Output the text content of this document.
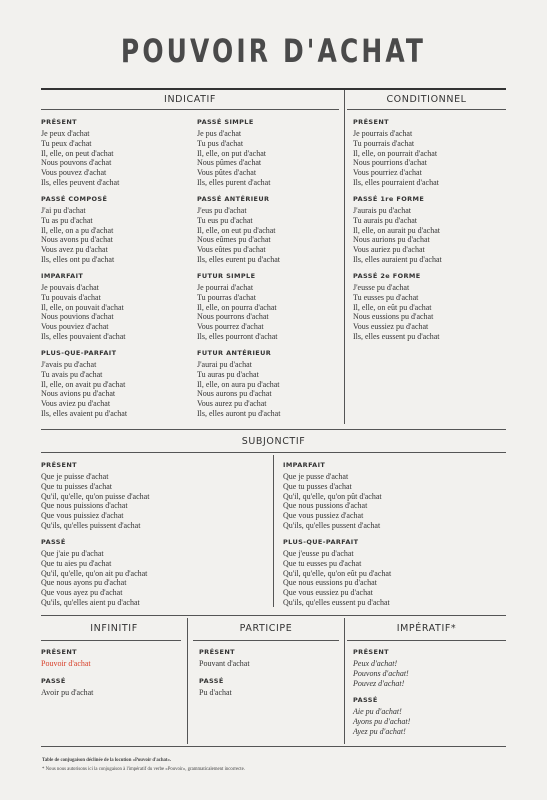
POUVOIR D'ACHAT
INDICATIF	CONDITIONNEL
PRÉSENT
Je peux d'achat
Tu peux d'achat
Il, elle, on peut d'achat
Nous pouvons d'achat
Vous pouvez d'achat
Ils, elles peuvent d'achat
PASSÉ COMPOSÉ
J'ai pu d'achat
Tu as pu d'achat
Il, elle, on a pu d'achat
Nous avons pu d'achat
Vous avez pu d'achat
Ils, elles ont pu d'achat
IMPARFAIT
Je pouvais d'achat
Tu pouvais d'achat
Il, elle, on pouvait d'achat
Nous pouvions d'achat
Vous pouviez d'achat
Ils, elles pouvaient d'achat
PLUS-QUE-PARFAIT
J'avais pu d'achat
Tu avais pu d'achat
Il, elle, on avait pu d'achat
Nous avions pu d'achat
Vous aviez pu d'achat
Ils, elles avaient pu d'achat
PASSÉ SIMPLE
Je pus d'achat
Tu pus d'achat
Il, elle, on put d'achat
Nous pûmes d'achat
Vous pûtes d'achat
Ils, elles purent d'achat
PASSÉ ANTÉRIEUR
J'eus pu d'achat
Tu eus pu d'achat
Il, elle, on eut pu d'achat
Nous eûmes pu d'achat
Vous eûtes pu d'achat
Ils, elles eurent pu d'achat
FUTUR SIMPLE
Je pourrai d'achat
Tu pourras d'achat
Il, elle, on pourra d'achat
Nous pourrons d'achat
Vous pourrez d'achat
Ils, elles pourront d'achat
FUTUR ANTÉRIEUR
J'aurai pu d'achat
Tu auras pu d'achat
Il, elle, on aura pu d'achat
Nous aurons pu d'achat
Vous aurez pu d'achat
Ils, elles auront pu d'achat
PRÉSENT
Je pourrais d'achat
Tu pourrais d'achat
Il, elle, on pourrait d'achat
Nous pourrions d'achat
Vous pourriez d'achat
Ils, elles pourraient d'achat
PASSÉ 1re FORME
J'aurais pu d'achat
Tu aurais pu d'achat
Il, elle, on aurait pu d'achat
Nous aurions pu d'achat
Vous auriez pu d'achat
Ils, elles auraient pu d'achat
PASSÉ 2e FORME
J'eusse pu d'achat
Tu eusses pu d'achat
Il, elle, on eût pu d'achat
Nous eussions pu d'achat
Vous eussiez pu d'achat
Ils, elles eussent pu d'achat
SUBJONCTIF
PRÉSENT
Que je puisse d'achat
Que tu puisses d'achat
Qu'il, qu'elle, qu'on puisse d'achat
Que nous puissions d'achat
Que vous puissiez d'achat
Qu'ils, qu'elles puissent d'achat
PASSÉ
Que j'aie pu d'achat
Que tu aies pu d'achat
Qu'il, qu'elle, qu'on ait pu d'achat
Que nous ayons pu d'achat
Que vous ayez pu d'achat
Qu'ils, qu'elles aient pu d'achat
IMPARFAIT
Que je pusse d'achat
Que tu pusses d'achat
Qu'il, qu'elle, qu'on pût d'achat
Que nous pussions d'achat
Que vous pussiez d'achat
Qu'ils, qu'elles pussent d'achat
PLUS-QUE-PARFAIT
Que j'eusse pu d'achat
Que tu eusses pu d'achat
Qu'il, qu'elle, qu'on eût pu d'achat
Que nous eussions pu d'achat
Que vous eussiez pu d'achat
Qu'ils, qu'elles eussent pu d'achat
INFINITIF	PARTICIPE	IMPÉRATIF*
PRÉSENT
Pouvoir d'achat
PASSÉ
Avoir pu d'achat
PRÉSENT
Pouvant d'achat
PASSÉ
Pu d'achat
PRÉSENT
Peux d'achat!
Pouvons d'achat!
Pouvez d'achat!
PASSÉ
Aie pu d'achat!
Ayons pu d'achat!
Ayez pu d'achat!
Table de conjugaison déclinée de la locution «Pouvoir d'achat».
* Nous nous autorisons ici la conjugaison à l'impératif du verbe «Pouvoir», grammaticalement incorrecte.
